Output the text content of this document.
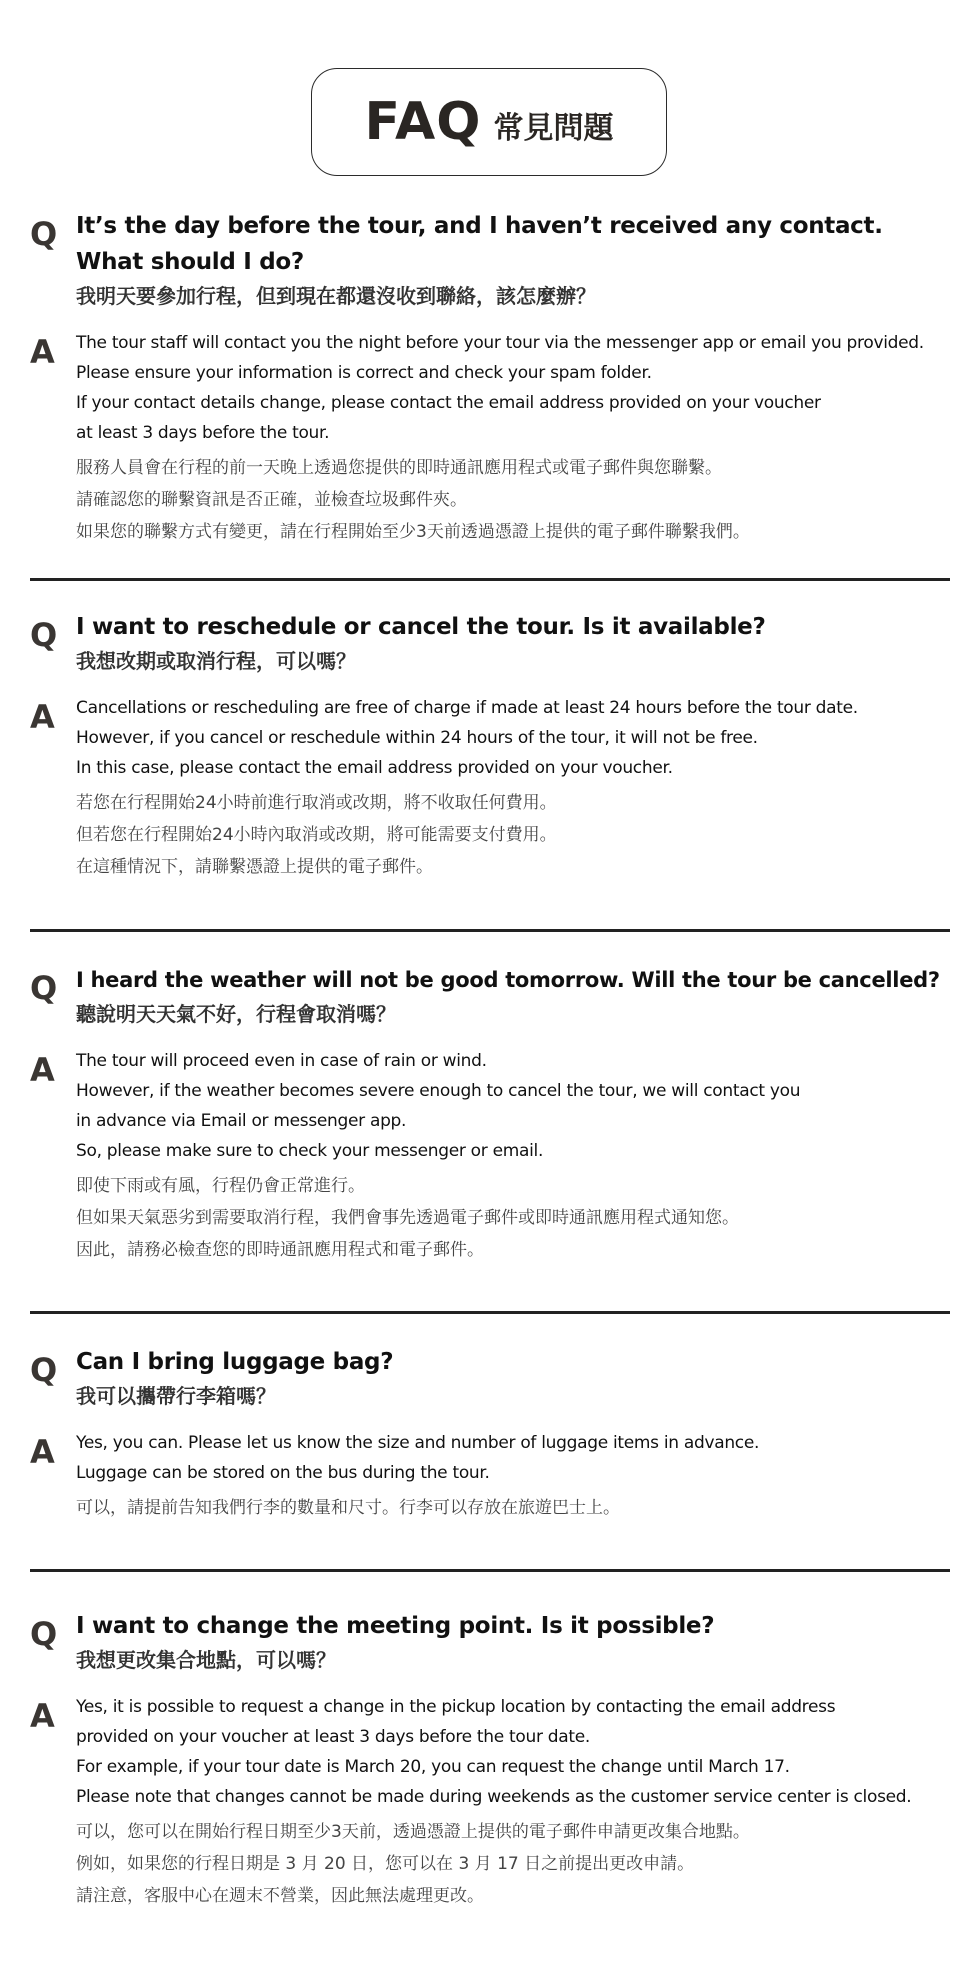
FAQ 常見問題
Q It’s the day before the tour, and I haven’t received any contact.
What should I do?
我明天要參加行程，但到現在都還沒收到聯絡，該怎麼辦？
A The tour staff will contact you the night before your tour via the messenger app or email you provided.
Please ensure your information is correct and check your spam folder.
If your contact details change, please contact the email address provided on your voucher
at least 3 days before the tour.
服務人員會在行程的前一天晚上透過您提供的即時通訊應用程式或電子郵件與您聯繫。
請確認您的聯繫資訊是否正確，並檢查垃圾郵件夾。
如果您的聯繫方式有變更，請在行程開始至少3天前透過憑證上提供的電子郵件聯繫我們。
Q I want to reschedule or cancel the tour. Is it available?
我想改期或取消行程，可以嗎？
A Cancellations or rescheduling are free of charge if made at least 24 hours before the tour date.
However, if you cancel or reschedule within 24 hours of the tour, it will not be free.
In this case, please contact the email address provided on your voucher.
若您在行程開始24小時前進行取消或改期，將不收取任何費用。
但若您在行程開始24小時內取消或改期，將可能需要支付費用。
在這種情況下，請聯繫憑證上提供的電子郵件。
Q I heard the weather will not be good tomorrow. Will the tour be cancelled?
聽說明天天氣不好，行程會取消嗎？
A The tour will proceed even in case of rain or wind.
However, if the weather becomes severe enough to cancel the tour, we will contact you
in advance via Email or messenger app.
So, please make sure to check your messenger or email.
即使下雨或有風，行程仍會正常進行。
但如果天氣惡劣到需要取消行程，我們會事先透過電子郵件或即時通訊應用程式通知您。
因此，請務必檢查您的即時通訊應用程式和電子郵件。
Q Can I bring luggage bag?
我可以攜帶行李箱嗎？
A Yes, you can. Please let us know the size and number of luggage items in advance.
Luggage can be stored on the bus during the tour.
可以，請提前告知我們行李的數量和尺寸。行李可以存放在旅遊巴士上。
Q I want to change the meeting point. Is it possible?
我想更改集合地點，可以嗎？
A Yes, it is possible to request a change in the pickup location by contacting the email address
provided on your voucher at least 3 days before the tour date.
For example, if your tour date is March 20, you can request the change until March 17.
Please note that changes cannot be made during weekends as the customer service center is closed.
可以，您可以在開始行程日期至少3天前，透過憑證上提供的電子郵件申請更改集合地點。
例如，如果您的行程日期是 3 月 20 日，您可以在 3 月 17 日之前提出更改申請。
請注意，客服中心在週末不營業，因此無法處理更改。
